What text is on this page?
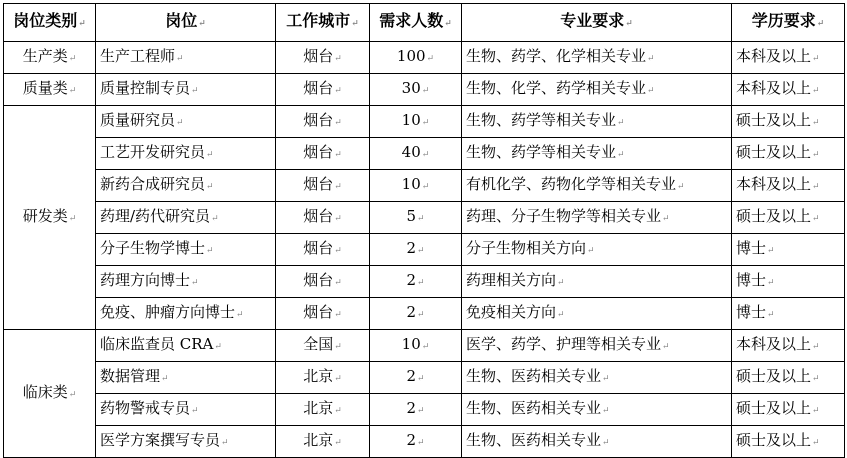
岗位类别↵	岗位↵	工作城市↵	需求人数↵	专业要求↵	学历要求↵
生产类↵	生产工程师↵	烟台↵	100↵	生物、药学、化学相关专业↵	本科及以上↵
质量类↵	质量控制专员↵	烟台↵	30↵	生物、化学、药学相关专业↵	本科及以上↵
研发类↵	质量研究员↵	烟台↵	10↵	生物、药学等相关专业↵	硕士及以上↵
	工艺开发研究员↵	烟台↵	40↵	生物、药学等相关专业↵	硕士及以上↵
	新药合成研究员↵	烟台↵	10↵	有机化学、药物化学等相关专业↵	本科及以上↵
	药理/药代研究员↵	烟台↵	5↵	药理、分子生物学等相关专业↵	硕士及以上↵
	分子生物学博士↵	烟台↵	2↵	分子生物相关方向↵	博士↵
	药理方向博士↵	烟台↵	2↵	药理相关方向↵	博士↵
	免疫、肿瘤方向博士↵	烟台↵	2↵	免疫相关方向↵	博士↵
临床类↵	临床监查员 CRA↵	全国↵	10↵	医学、药学、护理等相关专业↵	本科及以上↵
	数据管理↵	北京↵	2↵	生物、医药相关专业↵	硕士及以上↵
	药物警戒专员↵	北京↵	2↵	生物、医药相关专业↵	硕士及以上↵
	医学方案撰写专员↵	北京↵	2↵	生物、医药相关专业↵	硕士及以上↵
